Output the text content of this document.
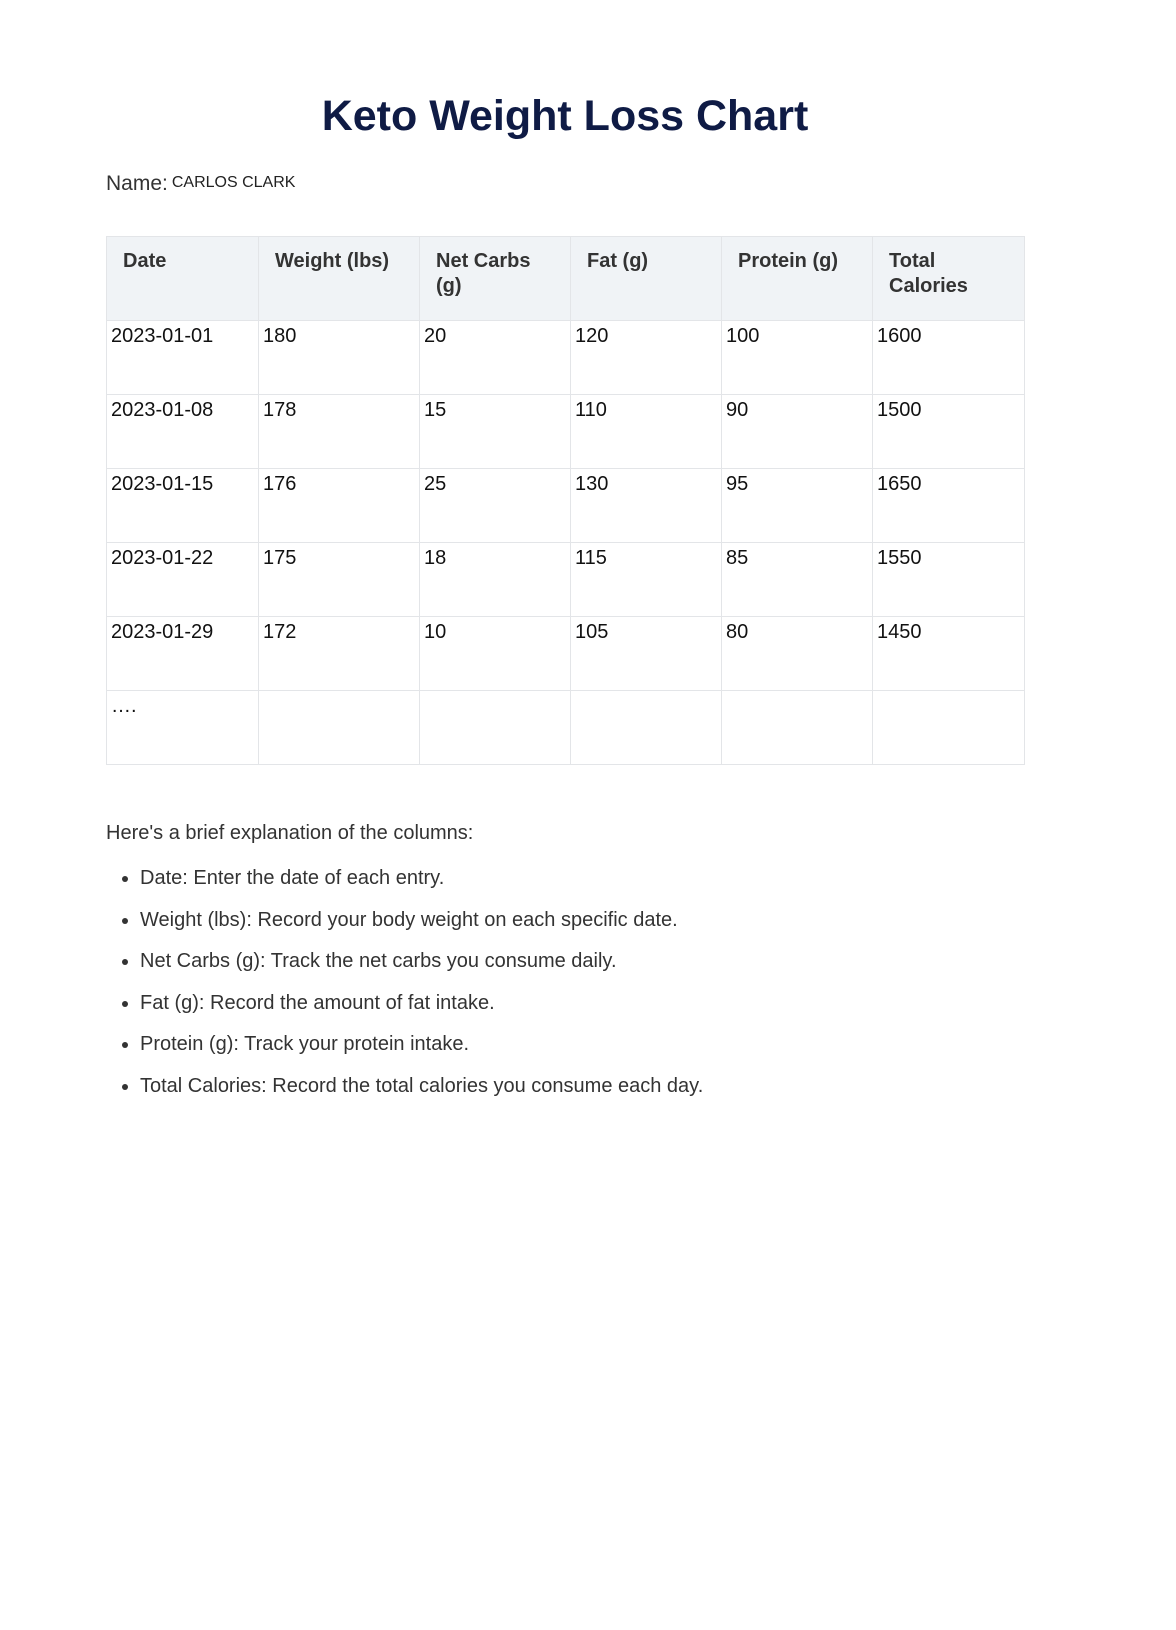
Keto Weight Loss Chart
Name: CARLOS CLARK
Date	Weight (lbs)	Net Carbs (g)	Fat (g)	Protein (g)	Total Calories
2023-01-01	180	20	120	100	1600
2023-01-08	178	15	110	90	1500
2023-01-15	176	25	130	95	1650
2023-01-22	175	18	115	85	1550
2023-01-29	172	10	105	80	1450
….					
Here's a brief explanation of the columns:
• Date: Enter the date of each entry.
• Weight (lbs): Record your body weight on each specific date.
• Net Carbs (g): Track the net carbs you consume daily.
• Fat (g): Record the amount of fat intake.
• Protein (g): Track your protein intake.
• Total Calories: Record the total calories you consume each day.
